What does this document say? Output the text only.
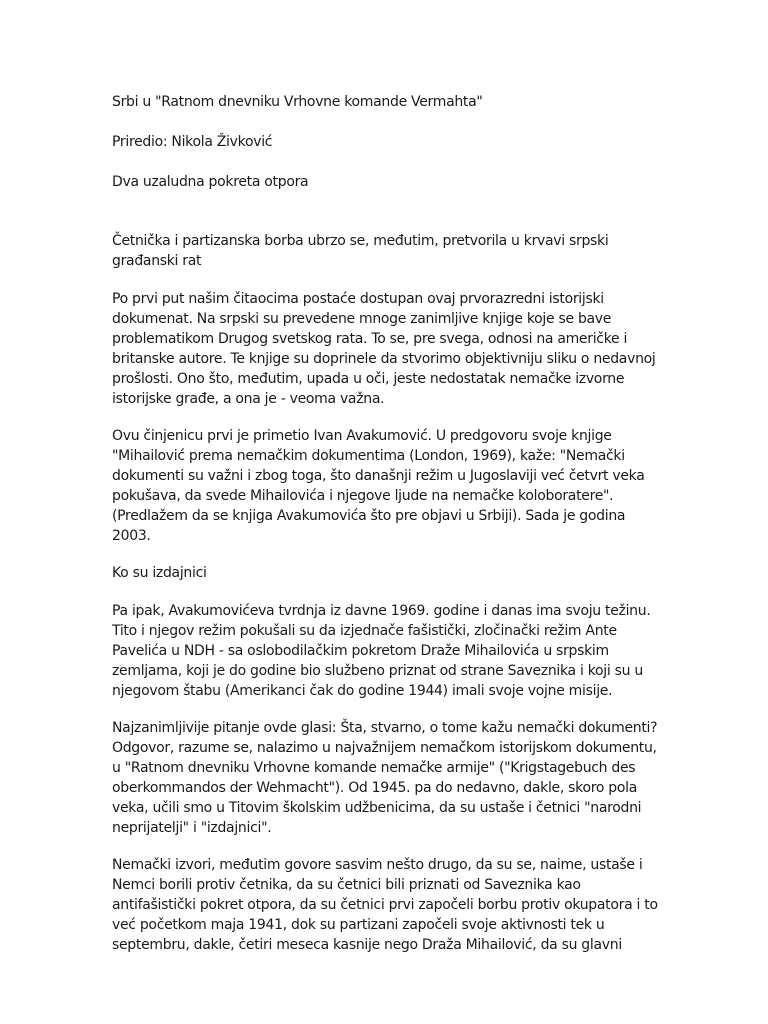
Srbi u "Ratnom dnevniku Vrhovne komande Vermahta"
Priredio: Nikola Živković
Dva uzaludna pokreta otpora
Četnička i partizanska borba ubrzo se, međutim, pretvorila u krvavi srpski
građanski rat
Po prvi put našim čitaocima postaće dostupan ovaj prvorazredni istorijski
dokumenat. Na srpski su prevedene mnoge zanimljive knjige koje se bave
problematikom Drugog svetskog rata. To se, pre svega, odnosi na američke i
britanske autore. Te knjige su doprinele da stvorimo objektivniju sliku o nedavnoj
prošlosti. Ono što, međutim, upada u oči, jeste nedostatak nemačke izvorne
istorijske građe, a ona je - veoma važna.
Ovu činjenicu prvi je primetio Ivan Avakumović. U predgovoru svoje knjige
"Mihailović prema nemačkim dokumentima (London, 1969), kaže: "Nemački
dokumenti su važni i zbog toga, što današnji režim u Jugoslaviji već četvrt veka
pokušava, da svede Mihailovića i njegove ljude na nemačke koloboratere".
(Predlažem da se knjiga Avakumovića što pre objavi u Srbiji). Sada je godina
2003.
Ko su izdajnici
Pa ipak, Avakumovićeva tvrdnja iz davne 1969. godine i danas ima svoju težinu.
Tito i njegov režim pokušali su da izjednače fašistički, zločinački režim Ante
Pavelića u NDH - sa oslobodilačkim pokretom Draže Mihailovića u srpskim
zemljama, koji je do godine bio službeno priznat od strane Saveznika i koji su u
njegovom štabu (Amerikanci čak do godine 1944) imali svoje vojne misije.
Najzanimljivije pitanje ovde glasi: Šta, stvarno, o tome kažu nemački dokumenti?
Odgovor, razume se, nalazimo u najvažnijem nemačkom istorijskom dokumentu,
u "Ratnom dnevniku Vrhovne komande nemačke armije" ("Krigstagebuch des
oberkommandos der Wehmacht"). Od 1945. pa do nedavno, dakle, skoro pola
veka, učili smo u Titovim školskim udžbenicima, da su ustaše i četnici "narodni
neprijatelji" i "izdajnici".
Nemački izvori, međutim govore sasvim nešto drugo, da su se, naime, ustaše i
Nemci borili protiv četnika, da su četnici bili priznati od Saveznika kao
antifašistički pokret otpora, da su četnici prvi započeli borbu protiv okupatora i to
već početkom maja 1941, dok su partizani započeli svoje aktivnosti tek u
septembru, dakle, četiri meseca kasnije nego Draža Mihailović, da su glavni
